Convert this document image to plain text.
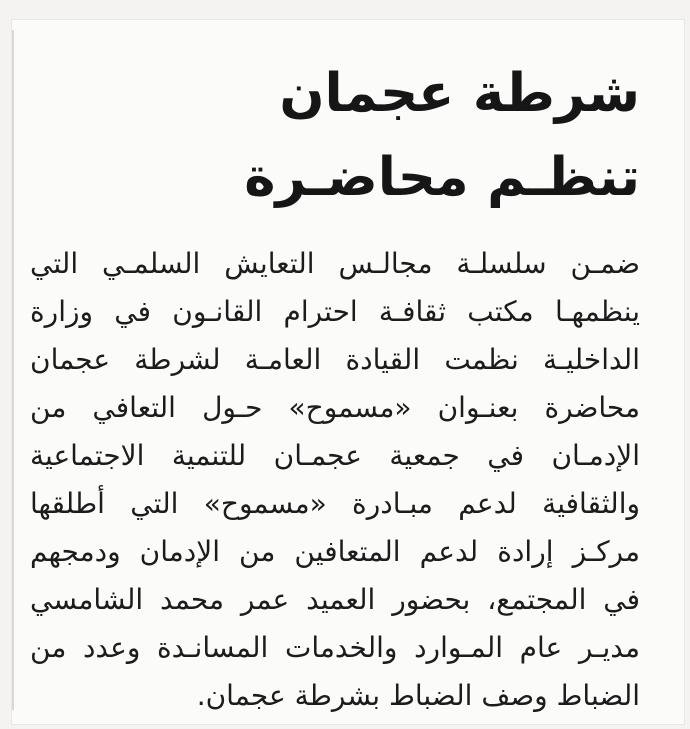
شرطة عجمان
تنظـم محاضـرة
ضمـن سلسلـة مجالـس التعايش السلمـي التي
ينظمهـا مكتب ثقافـة احترام القانـون في وزارة
الداخليـة نظمت القيادة العامـة لشرطة عجمان
محاضرة بعنـوان «مسموح» حـول التعافي من
الإدمـان في جمعية عجمـان للتنمية الاجتماعية
والثقافية لدعم مبـادرة «مسموح» التي أطلقها
مركـز إرادة لدعم المتعافين من الإدمان ودمجهم
في المجتمع، بحضور العميد عمر محمد الشامسي
مديـر عام المـوارد والخدمات المسانـدة وعدد من
الضباط وصف الضباط بشرطة عجمان.
